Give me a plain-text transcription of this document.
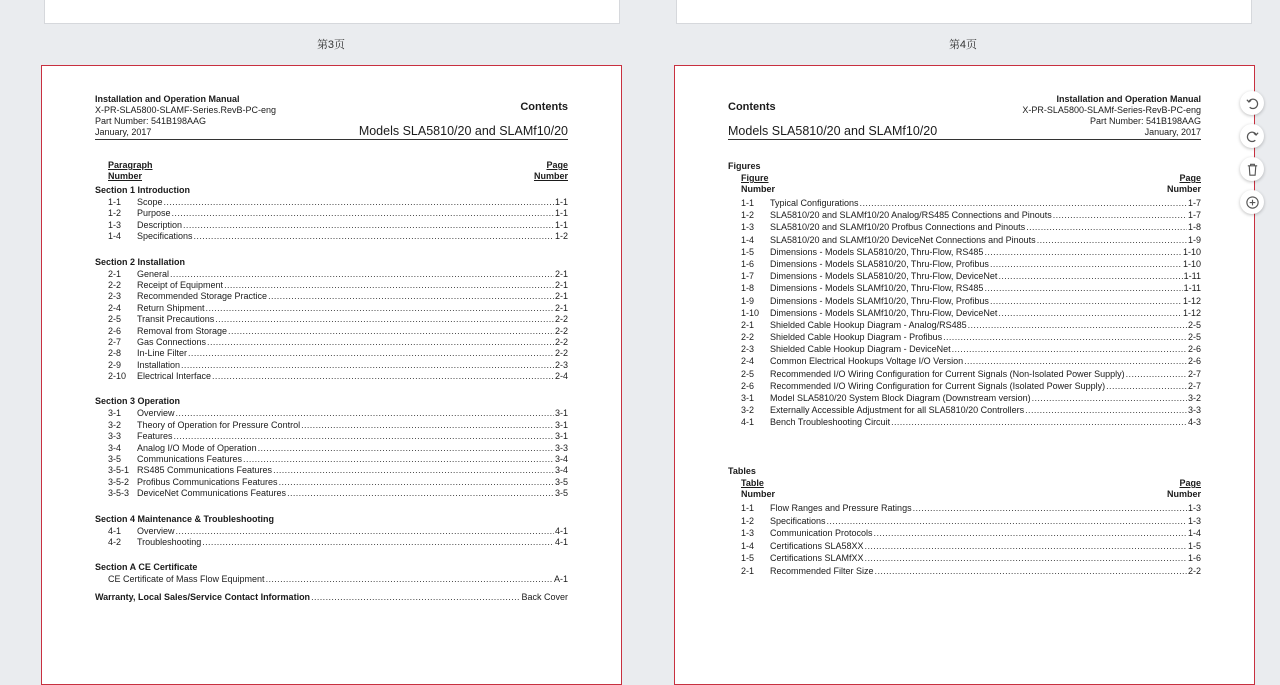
第3页	第4页
Installation and Operation Manual
X-PR-SLA5800-SLAMF-Series.RevB-PC-eng
Part Number: 541B198AAG
January, 2017
Contents
Models SLA5810/20 and SLAMf10/20
Paragraph
Number
Page
Number
Section 1 Introduction
1-1	Scope .....	1-1
1-2	Purpose .....	1-1
1-3	Description .....	1-1
1-4	Specifications .....	1-2
Section 2 Installation
2-1	General .....	2-1
2-2	Receipt of Equipment .....	2-1
2-3	Recommended Storage Practice .....	2-1
2-4	Return Shipment .....	2-1
2-5	Transit Precautions .....	2-2
2-6	Removal from Storage .....	2-2
2-7	Gas Connections .....	2-2
2-8	In-Line Filter .....	2-2
2-9	Installation .....	2-3
2-10	Electrical Interface .....	2-4
Section 3 Operation
3-1	Overview .....	3-1
3-2	Theory of Operation for Pressure Control .....	3-1
3-3	Features .....	3-1
3-4	Analog I/O Mode of Operation .....	3-3
3-5	Communications Features .....	3-4
3-5-1 RS485 Communications Features .....	3-4
3-5-2 Profibus Communications Features .....	3-5
3-5-3 DeviceNet Communications Features .....	3-5
Section 4 Maintenance & Troubleshooting
4-1	Overview .....	4-1
4-2	Troubleshooting .....	4-1
Section A CE Certificate
CE Certificate of Mass Flow Equipment .....	A-1
Warranty, Local Sales/Service Contact Information .....	Back Cover
Contents
Models SLA5810/20 and SLAMf10/20
Installation and Operation Manual
X-PR-SLA5800-SLAMf-Series-RevB-PC-eng
Part Number: 541B198AAG
January, 2017
Figures
Figure
Number
Page
Number
1-1	Typical Configurations .....	1-7
1-2	SLA5810/20 and SLAMf10/20 Analog/RS485 Connections and Pinouts .....	1-7
1-3	SLA5810/20 and SLAMf10/20 Profbus Connections and Pinouts .....	1-8
1-4	SLA5810/20 and SLAMf10/20 DeviceNet Connections and Pinouts .....	1-9
1-5	Dimensions - Models SLA5810/20, Thru-Flow, RS485 .....	1-10
1-6	Dimensions - Models SLA5810/20, Thru-Flow, Profibus .....	1-10
1-7	Dimensions - Models SLA5810/20, Thru-Flow, DeviceNet .....	1-11
1-8	Dimensions - Models SLAMf10/20, Thru-Flow, RS485 .....	1-11
1-9	Dimensions - Models SLAMf10/20, Thru-Flow, Profibus .....	1-12
1-10	Dimensions - Models SLAMf10/20, Thru-Flow, DeviceNet .....	1-12
2-1	Shielded Cable Hookup Diagram - Analog/RS485 .....	2-5
2-2	Shielded Cable Hookup Diagram - Profibus .....	2-5
2-3	Shielded Cable Hookup Diagram - DeviceNet .....	2-6
2-4	Common Electrical Hookups Voltage I/O Version .....	2-6
2-5	Recommended I/O Wiring Configuration for Current Signals (Non-Isolated Power Supply) .....	2-7
2-6	Recommended I/O Wiring Configuration for Current Signals (Isolated Power Supply) .....	2-7
3-1	Model SLA5810/20 System Block Diagram (Downstream version) .....	3-2
3-2	Externally Accessible Adjustment for all SLA5810/20 Controllers .....	3-3
4-1	Bench Troubleshooting Circuit .....	4-3
Tables
Table
Number
Page
Number
1-1	Flow Ranges and Pressure Ratings .....	1-3
1-2	Specifications .....	1-3
1-3	Communication Protocols .....	1-4
1-4	Certifications SLA58XX .....	1-5
1-5	Certifications SLAMfXX .....	1-6
2-1	Recommended Filter Size .....	2-2
